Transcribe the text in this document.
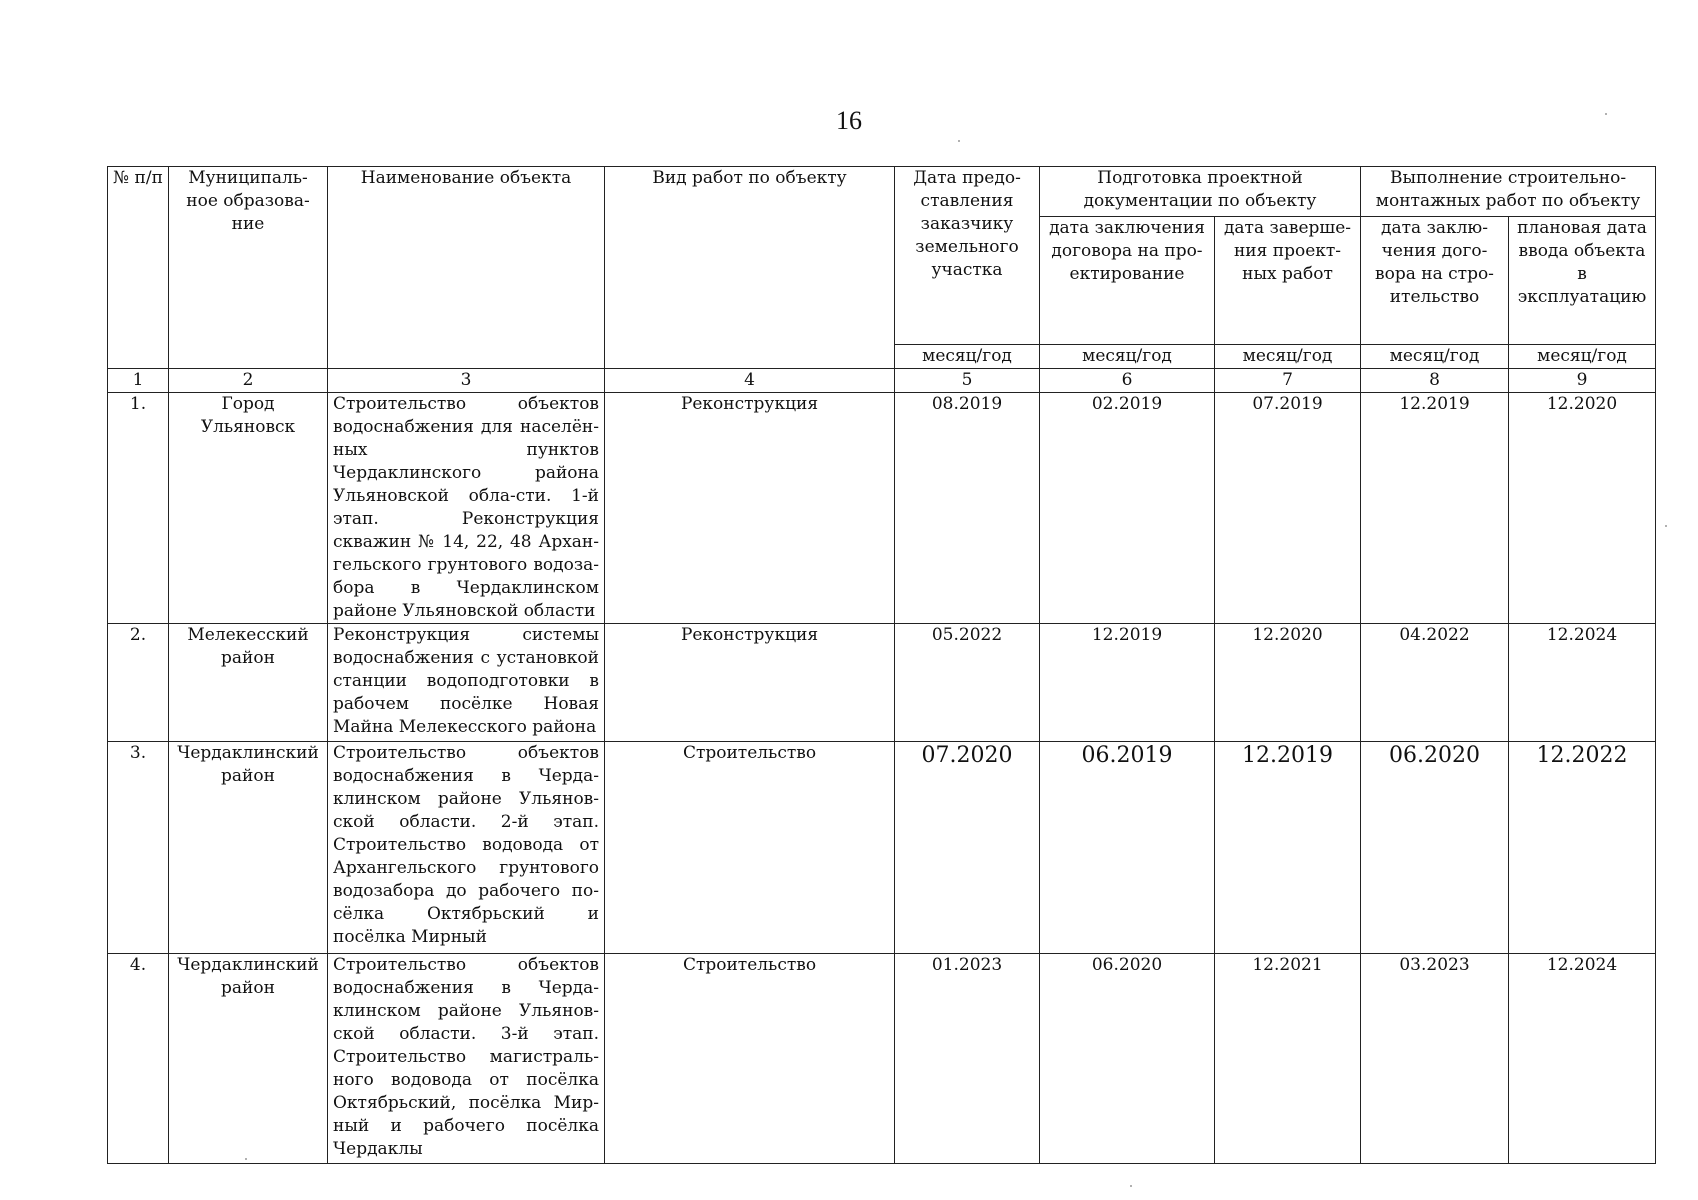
16
№ п/п	Муниципаль-ное образова-ние	Наименование объекта	Вид работ по объекту	Дата предо-ставления заказчику земельного участка	Подготовка проектной документации по объекту		Выполнение строительно-монтажных работ по объекту	
					дата заключения договора на про-ектирование	дата заверше-ния проект-ных работ	дата заклю-чения дого-вора на стро-ительство	плановая дата ввода объекта в эксплуатацию
				месяц/год	месяц/год	месяц/год	месяц/год	месяц/год
1	2	3	4	5	6	7	8	9
1.	Город Ульяновск	Строительство объектов водоснабжения для населён-ных пунктов Чердаклинского района Ульяновской обла-сти. 1-й этап. Реконструкция скважин № 14, 22, 48 Архан-гельского грунтового водоза-бора в Чердаклинском районе Ульяновской области	Реконструкция	08.2019	02.2019	07.2019	12.2019	12.2020
2.	Мелекесский район	Реконструкция системы водоснабжения с установкой станции водоподготовки в рабочем посёлке Новая Майна Мелекесского района	Реконструкция	05.2022	12.2019	12.2020	04.2022	12.2024
3.	Чердаклинский район	Строительство объектов водоснабжения в Черда-клинском районе Ульянов-ской области. 2-й этап. Строительство водовода от Архангельского грунтового водозабора до рабочего по-сёлка Октябрьский и посёлка Мирный	Строительство	07.2020	06.2019	12.2019	06.2020	12.2022
4.	Чердаклинский район	Строительство объектов водоснабжения в Черда-клинском районе Ульянов-ской области. 3-й этап. Строительство магистраль-ного водовода от посёлка Октябрьский, посёлка Мир-ный и рабочего посёлка Чердаклы	Строительство	01.2023	06.2020	12.2021	03.2023	12.2024
